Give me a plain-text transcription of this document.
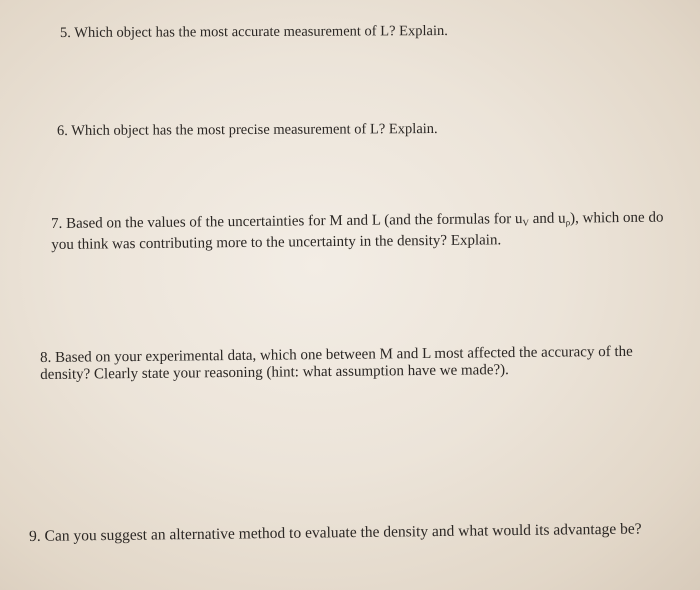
5. Which object has the most accurate measurement of L? Explain.

6. Which object has the most precise measurement of L? Explain.

7. Based on the values of the uncertainties for M and L (and the formulas for $u_V$ and $u_\rho$), which one do
you think was contributing more to the uncertainty in the density? Explain.

8. Based on your experimental data, which one between M and L most affected the accuracy of the
density? Clearly state your reasoning (hint: what assumption have we made?).

9. Can you suggest an alternative method to evaluate the density and what would its advantage be?
